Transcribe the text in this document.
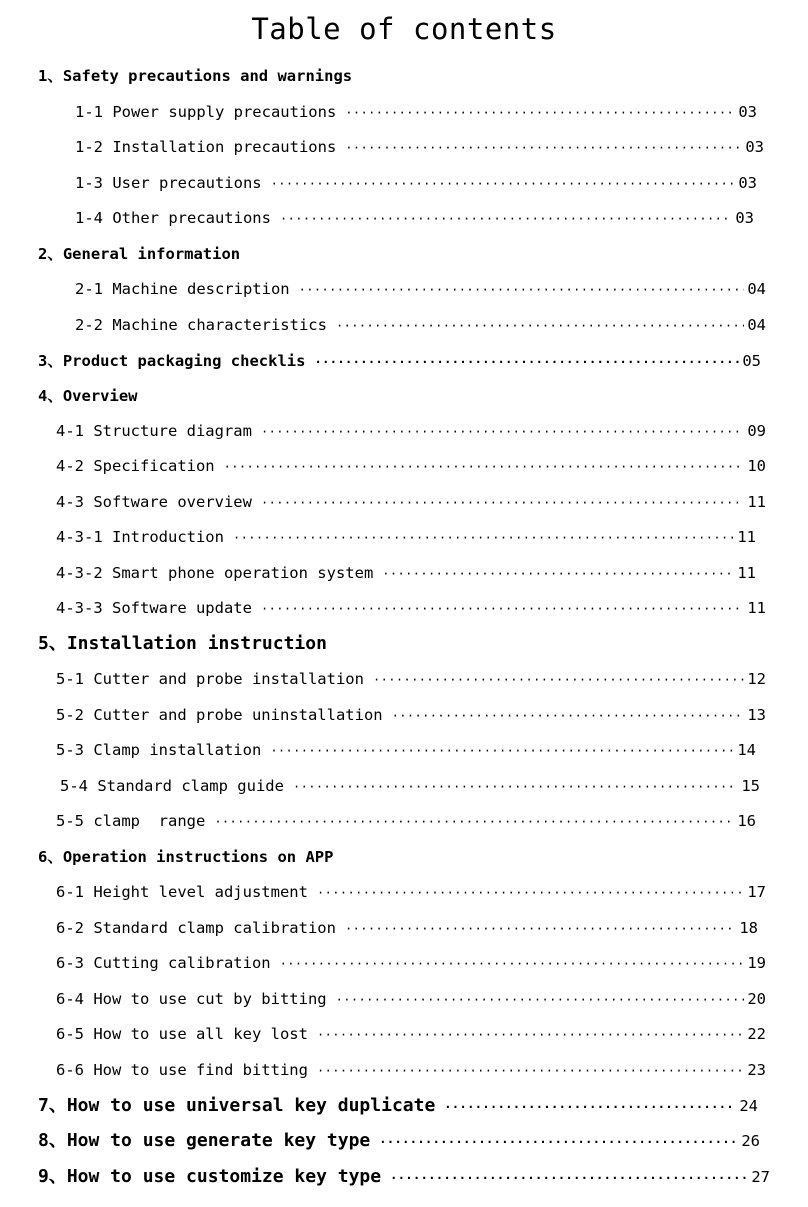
Table of contents
1、Safety precautions and warnings
1-1 Power supply precautions ·····	03
1-2 Installation precautions ·····	03
1-3 User precautions ·····	03
1-4 Other precautions ·····	03
2、General information
2-1 Machine description ·····	04
2-2 Machine characteristics ·····	04
3、Product packaging checklis ·····	05
4、Overview
4-1 Structure diagram ·····	09
4-2 Specification ·····	10
4-3 Software overview ·····	11
4-3-1 Introduction ·····	11
4-3-2 Smart phone operation system ·····	11
4-3-3 Software update ·····	11
5、Installation instruction
5-1 Cutter and probe installation ·····	12
5-2 Cutter and probe uninstallation ·····	13
5-3 Clamp installation ·····	14
5-4 Standard clamp guide ·····	15
5-5 clamp  range ·····	16
6、Operation instructions on APP
6-1 Height level adjustment ·····	17
6-2 Standard clamp calibration ·····	18
6-3 Cutting calibration ·····	19
6-4 How to use cut by bitting ·····	20
6-5 How to use all key lost ·····	22
6-6 How to use find bitting ·····	23
7、How to use universal key duplicate ·····	24
8、How to use generate key type ·····	26
9、How to use customize key type ·····	27
